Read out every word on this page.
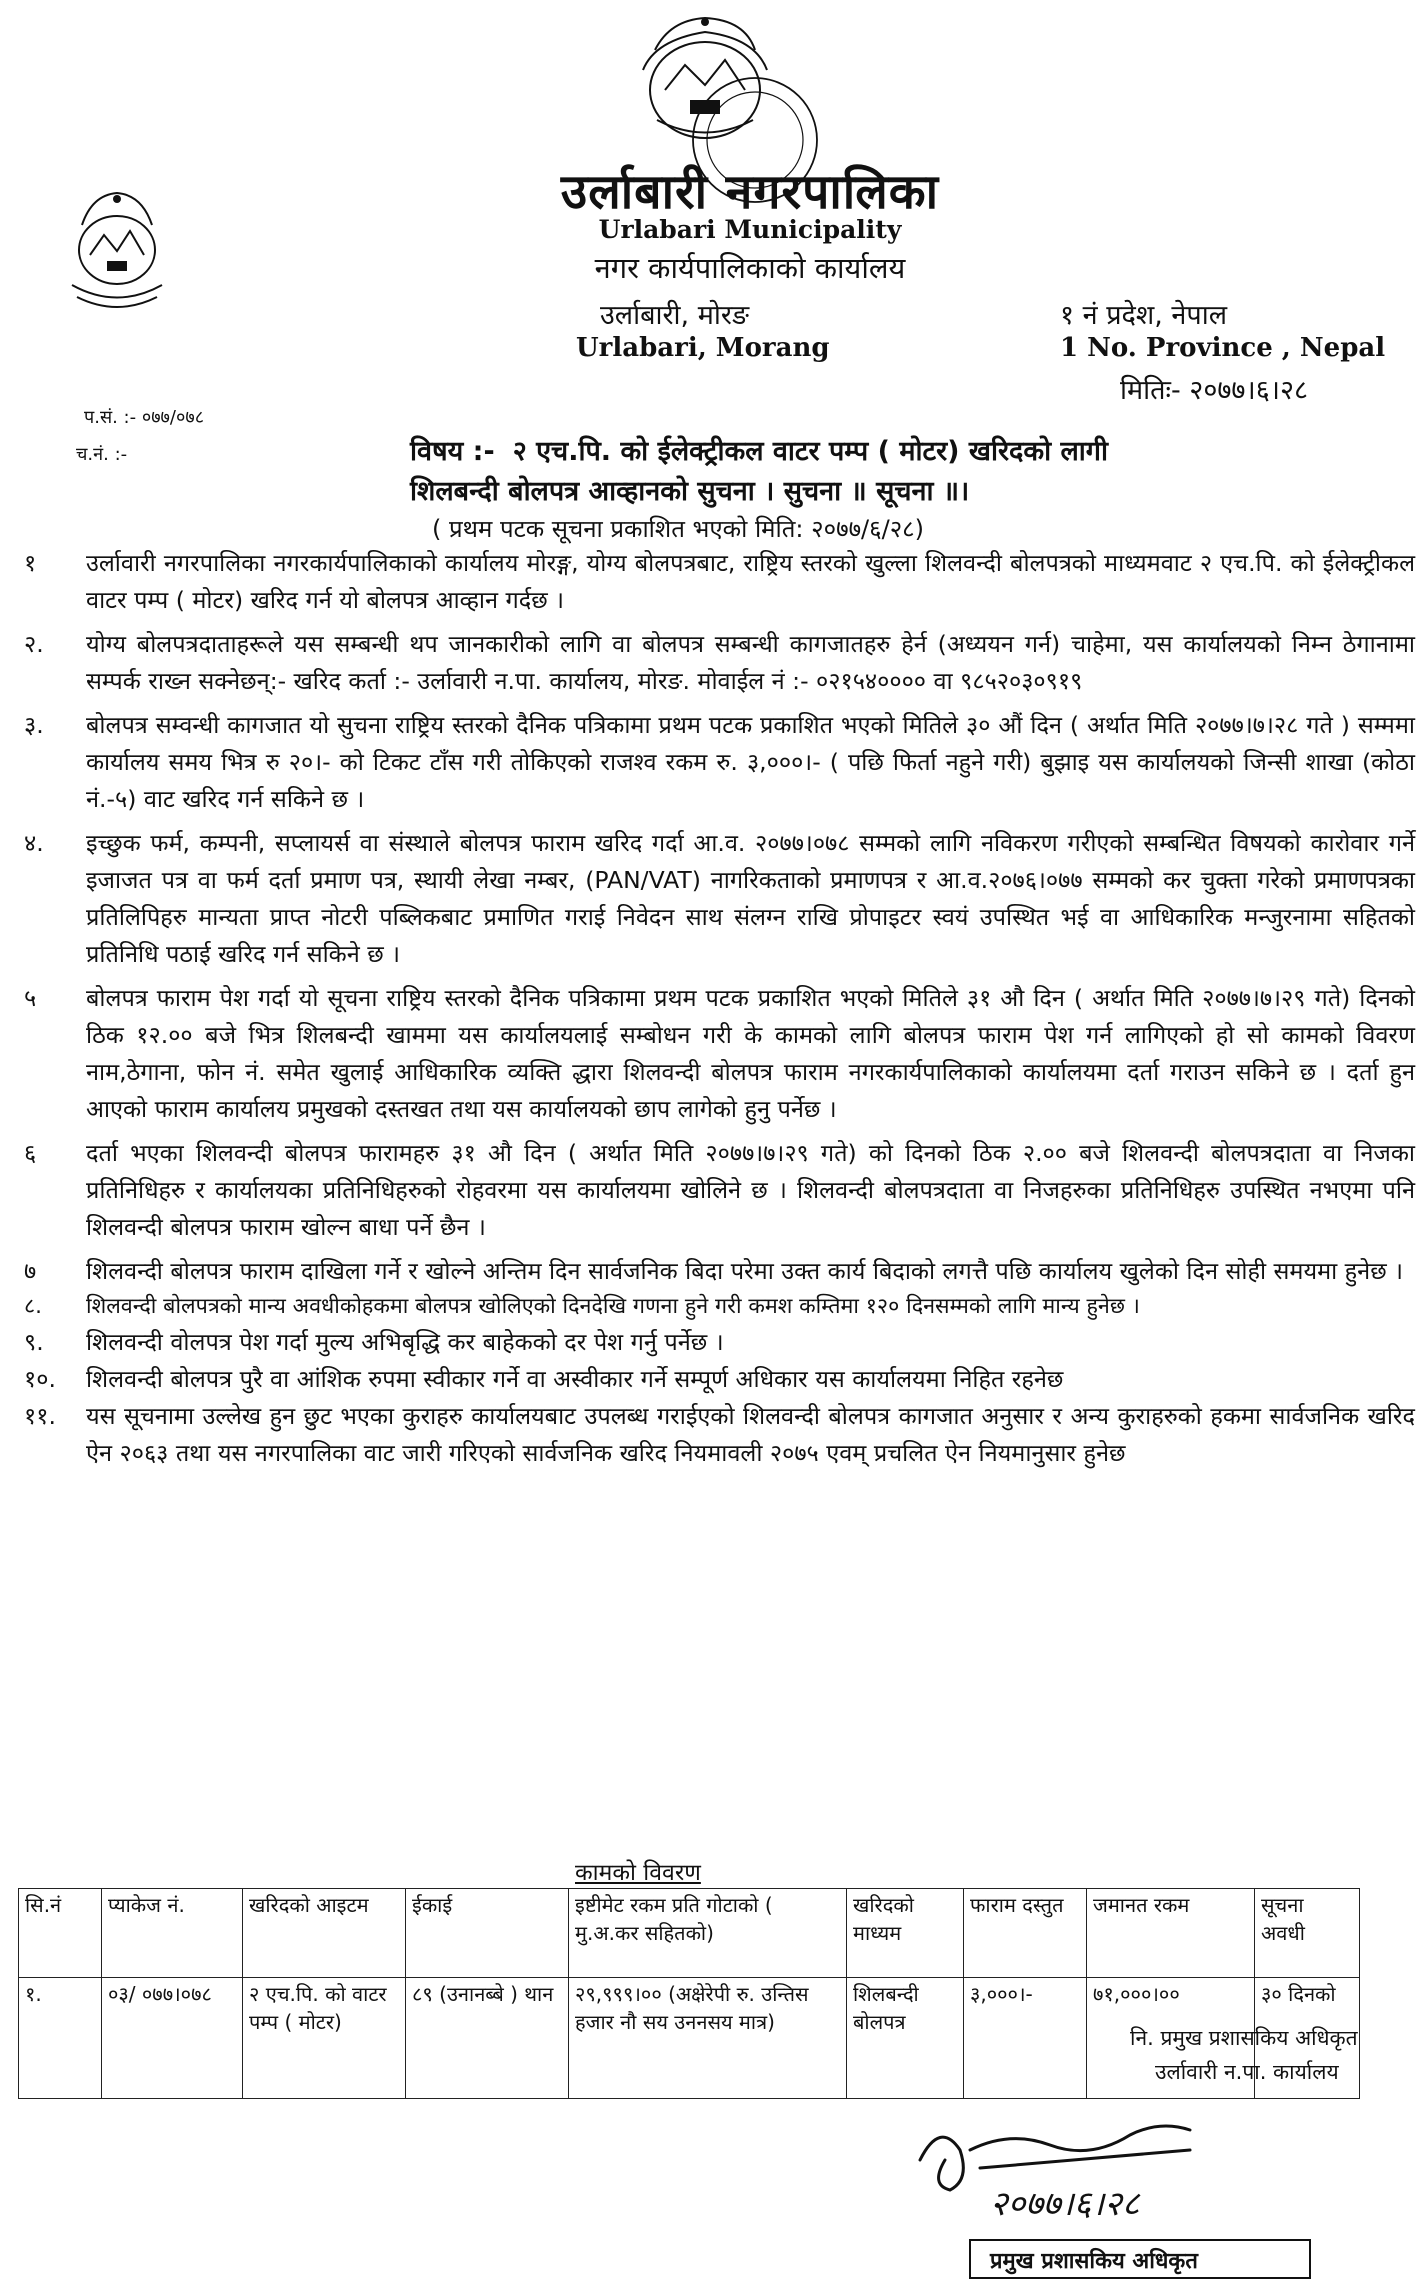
उर्लाबारी नगरपालिका
Urlabari Municipality
नगर कार्यपालिकाको कार्यालय
उर्लाबारी, मोरङ
Urlabari, Morang
१ नं प्रदेश, नेपाल
1 No. Province , Nepal
मितिः- २०७७।६।२८
प.सं. :- ०७७/०७८
च.नं. :-	विषय :- २ एच.पि. को ईलेक्ट्रीकल वाटर पम्प ( मोटर) खरिदको लागी
शिलबन्दी बोलपत्र आव्हानको सुचना । सुचना ॥ सूचना ॥।
( प्रथम पटक सूचना प्रकाशित भएको मिति: २०७७/६/२८)
१	उर्लावारी नगरपालिका नगरकार्यपालिकाको कार्यालय मोरङ्ग, योग्य बोलपत्रबाट, राष्ट्रिय स्तरको खुल्ला शिलवन्दी बोलपत्रको माध्यमवाट २ एच.पि. को ईलेक्ट्रीकल वाटर पम्प ( मोटर) खरिद गर्न यो बोलपत्र आव्हान गर्दछ ।
२.	योग्य बोलपत्रदाताहरूले यस सम्बन्धी थप जानकारीको लागि वा बोलपत्र सम्बन्धी कागजातहरु हेर्न (अध्ययन गर्न) चाहेमा, यस कार्यालयको निम्न ठेगानामा सम्पर्क राख्न सक्नेछन्:- खरिद कर्ता :- उर्लावारी न.पा. कार्यालय, मोरङ. मोवाईल नं :- ०२१५४०००० वा ९८५२०३०९१९
३.	बोलपत्र सम्वन्धी कागजात यो सुचना राष्ट्रिय स्तरको दैनिक पत्रिकामा प्रथम पटक प्रकाशित भएको मितिले ३० औं दिन ( अर्थात मिति २०७७।७।२८ गते ) सम्ममा कार्यालय समय भित्र रु २०।- को टिकट टाँस गरी तोकिएको राजश्व रकम रु. ३,०००।- ( पछि फिर्ता नहुने गरी) बुझाइ यस कार्यालयको जिन्सी शाखा (कोठा नं.-५) वाट खरिद गर्न सकिने छ ।
४.	इच्छुक फर्म, कम्पनी, सप्लायर्स वा संस्थाले बोलपत्र फाराम खरिद गर्दा आ.व. २०७७।०७८ सम्मको लागि नविकरण गरीएको सम्बन्धित विषयको कारोवार गर्ने इजाजत पत्र वा फर्म दर्ता प्रमाण पत्र, स्थायी लेखा नम्बर, (PAN/VAT) नागरिकताको प्रमाणपत्र र आ.व.२०७६।०७७ सम्मको कर चुक्ता गरेको प्रमाणपत्रका प्रतिलिपिहरु मान्यता प्राप्त नोटरी पब्लिकबाट प्रमाणित गराई निवेदन साथ संलग्न राखि प्रोपाइटर स्वयं उपस्थित भई वा आधिकारिक मन्जुरनामा सहितको प्रतिनिधि पठाई खरिद गर्न सकिने छ ।
५	बोलपत्र फाराम पेश गर्दा यो सूचना राष्ट्रिय स्तरको दैनिक पत्रिकामा प्रथम पटक प्रकाशित भएको मितिले ३१ औ दिन ( अर्थात मिति २०७७।७।२९ गते) दिनको ठिक १२.०० बजे भित्र शिलबन्दी खाममा यस कार्यालयलाई सम्बोधन गरी के कामको लागि बोलपत्र फाराम पेश गर्न लागिएको हो सो कामको विवरण नाम,ठेगाना, फोन नं. समेत खुलाई आधिकारिक व्यक्ति द्धारा शिलवन्दी बोलपत्र फाराम नगरकार्यपालिकाको कार्यालयमा दर्ता गराउन सकिने छ । दर्ता हुन आएको फाराम कार्यालय प्रमुखको दस्तखत तथा यस कार्यालयको छाप लागेको हुनु पर्नेछ ।
६	दर्ता भएका शिलवन्दी बोलपत्र फारामहरु ३१ औ दिन ( अर्थात मिति २०७७।७।२९ गते) को दिनको ठिक २.०० बजे शिलवन्दी बोलपत्रदाता वा निजका प्रतिनिधिहरु र कार्यालयका प्रतिनिधिहरुको रोहवरमा यस कार्यालयमा खोलिने छ । शिलवन्दी बोलपत्रदाता वा निजहरुका प्रतिनिधिहरु उपस्थित नभएमा पनि शिलवन्दी बोलपत्र फाराम खोल्न बाधा पर्ने छैन ।
७	शिलवन्दी बोलपत्र फाराम दाखिला गर्ने र खोल्ने अन्तिम दिन सार्वजनिक बिदा परेमा उक्त कार्य बिदाको लगत्तै पछि कार्यालय खुलेको दिन सोही समयमा हुनेछ ।
८.	शिलवन्दी बोलपत्रको मान्य अवधीकोहकमा बोलपत्र खोलिएको दिनदेखि गणना हुने गरी कमश कम्तिमा १२० दिनसम्मको लागि मान्य हुनेछ ।
९.	शिलवन्दी वोलपत्र पेश गर्दा मुल्य अभिबृद्धि कर बाहेकको दर पेश गर्नु पर्नेछ ।
१०.	शिलवन्दी बोलपत्र पुरै वा आंशिक रुपमा स्वीकार गर्ने वा अस्वीकार गर्ने सम्पूर्ण अधिकार यस कार्यालयमा निहित रहनेछ
११.	यस सूचनामा उल्लेख हुन छुट भएका कुराहरु कार्यालयबाट उपलब्ध गराईएको शिलवन्दी बोलपत्र कागजात अनुसार र अन्य कुराहरुको हकमा सार्वजनिक खरिद ऐन २०६३ तथा यस नगरपालिका वाट जारी गरिएको सार्वजनिक खरिद नियमावली २०७५ एवम् प्रचलित ऐन नियमानुसार हुनेछ
कामको विवरण
सि.नं	प्याकेज नं.	खरिदको आइटम	ईकाई	इष्टीमेट रकम प्रति गोटाको ( मु.अ.कर सहितको)	खरिदको माध्यम	फाराम दस्तुत	जमानत रकम	सूचना अवधी
१.	०३/ ०७७।०७८	२ एच.पि. को वाटर पम्प ( मोटर)	८९ (उनानब्बे ) थान	२९,९९९।०० (अक्षेरेपी रु. उन्तिस हजार नौ सय उननसय मात्र)	शिलबन्दी बोलपत्र	३,०००।-	७१,०००।००	३० दिनको
नि. प्रमुख प्रशासकिय अधिकृत
उर्लावारी न.पा. कार्यालय
२०७७।६।२८
प्रमुख प्रशासकिय अधिकृत
